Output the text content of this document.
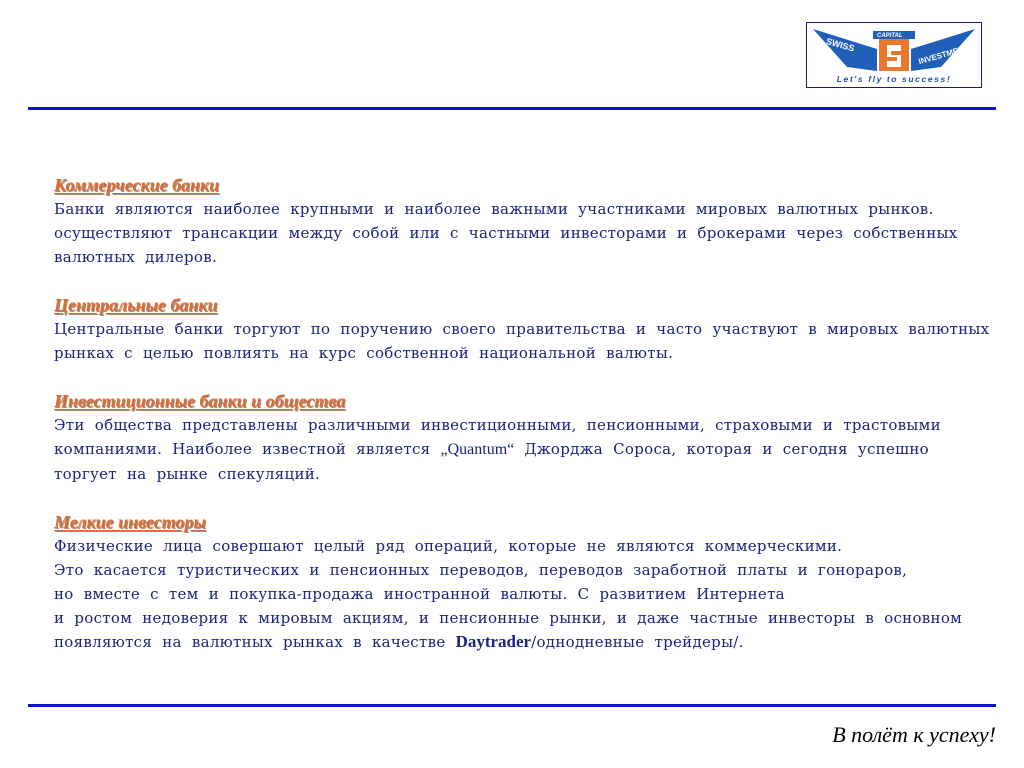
SWISS	INVESTMENTS
CAPITAL
Let's fly to success!
Коммерческие банки
Банки являются наиболее крупными и наиболее важными участниками мировых валютных рынков.
осуществляют трансакции между собой или с частными инвесторами и брокерами через собственных
валютных дилеров.
Центральные банки
Центральные банки торгуют по поручению своего правительства и часто участвуют в мировых валютных
рынках с целью повлиять на курс собственной национальной валюты.
Инвестиционные банки и общества
Эти общества представлены различными инвестиционными, пенсионными, страховыми и трастовыми
компаниями. Наиболее известной является „Quantum“ Джорджа Сороса, которая и сегодня успешно
торгует на рынке спекуляций.
Мелкие инвесторы
Физические лица совершают целый ряд операций, которые не являются коммерческими.
Это касается туристических и пенсионных переводов, переводов заработной платы и гонораров,
но вместе с тем и покупка-продажа иностранной валюты. С развитием Интернета
и ростом недоверия к мировым акциям, и пенсионные рынки, и даже частные инвесторы в основном
появляются на валютных рынках в качестве Daytrader/однодневные трейдеры/.
В полёт к успеху!
